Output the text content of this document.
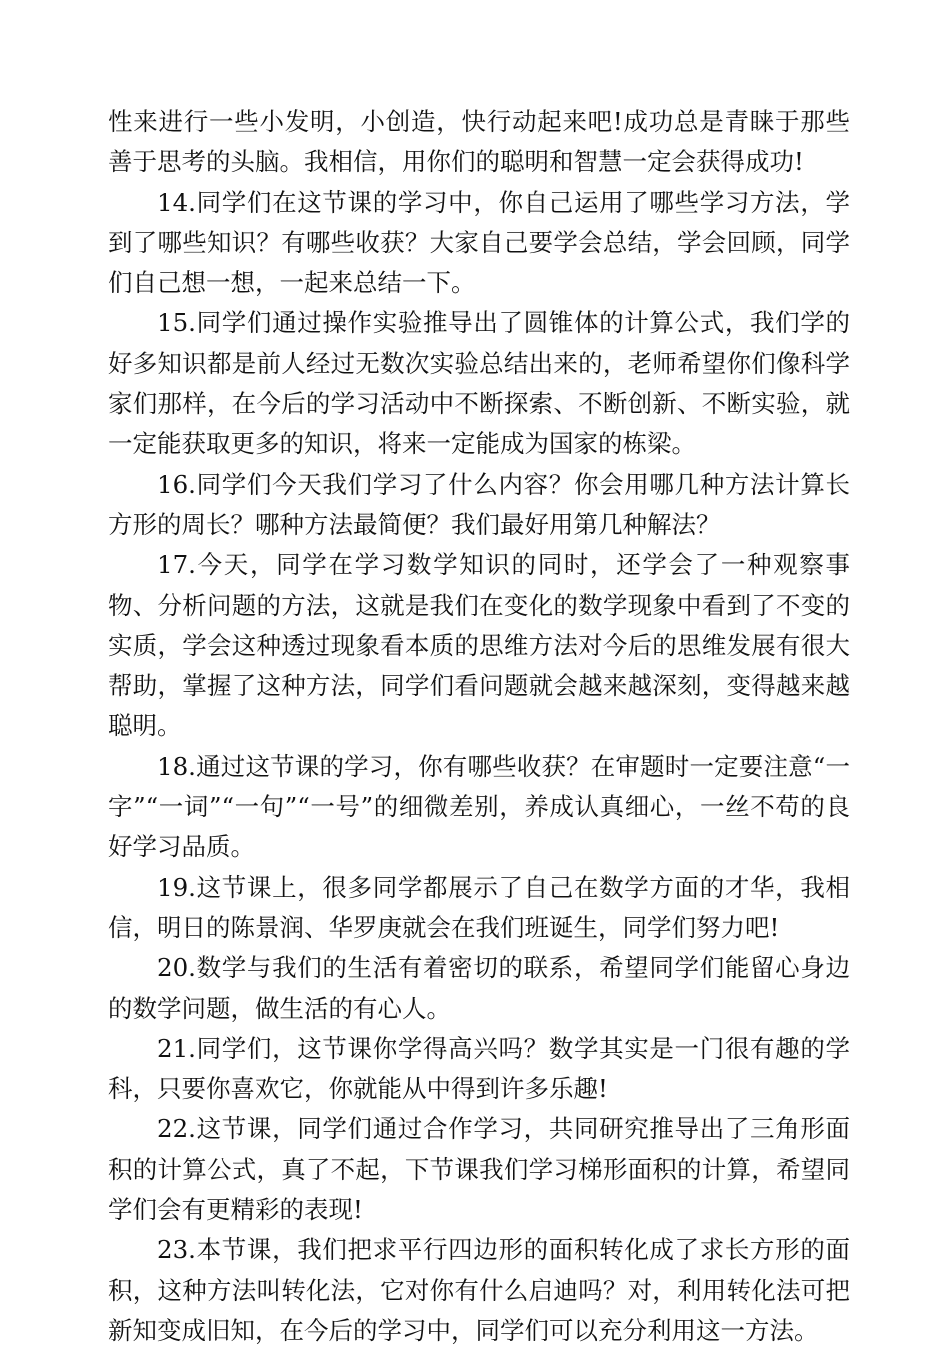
性来进行一些小发明，小创造，快行动起来吧!成功总是青睐于那些善于思考的头脑。我相信，用你们的聪明和智慧一定会获得成功!

14.同学们在这节课的学习中，你自己运用了哪些学习方法，学到了哪些知识？有哪些收获？大家自己要学会总结，学会回顾，同学们自己想一想，一起来总结一下。

15.同学们通过操作实验推导出了圆锥体的计算公式，我们学的好多知识都是前人经过无数次实验总结出来的，老师希望你们像科学家们那样，在今后的学习活动中不断探索、不断创新、不断实验，就一定能获取更多的知识，将来一定能成为国家的栋梁。

16.同学们今天我们学习了什么内容？你会用哪几种方法计算长方形的周长？哪种方法最简便？我们最好用第几种解法？

17.今天，同学在学习数学知识的同时，还学会了一种观察事物、分析问题的方法，这就是我们在变化的数学现象中看到了不变的实质，学会这种透过现象看本质的思维方法对今后的思维发展有很大帮助，掌握了这种方法，同学们看问题就会越来越深刻，变得越来越聪明。

18.通过这节课的学习，你有哪些收获？在审题时一定要注意“一字”“一词”“一句”“一号”的细微差别，养成认真细心，一丝不苟的良好学习品质。

19.这节课上，很多同学都展示了自己在数学方面的才华，我相信，明日的陈景润、华罗庚就会在我们班诞生，同学们努力吧!

20.数学与我们的生活有着密切的联系，希望同学们能留心身边的数学问题，做生活的有心人。

21.同学们，这节课你学得高兴吗？数学其实是一门很有趣的学科，只要你喜欢它，你就能从中得到许多乐趣!

22.这节课，同学们通过合作学习，共同研究推导出了三角形面积的计算公式，真了不起，下节课我们学习梯形面积的计算，希望同学们会有更精彩的表现!

23.本节课，我们把求平行四边形的面积转化成了求长方形的面积，这种方法叫转化法，它对你有什么启迪吗？对，利用转化法可把新知变成旧知，在今后的学习中，同学们可以充分利用这一方法。
